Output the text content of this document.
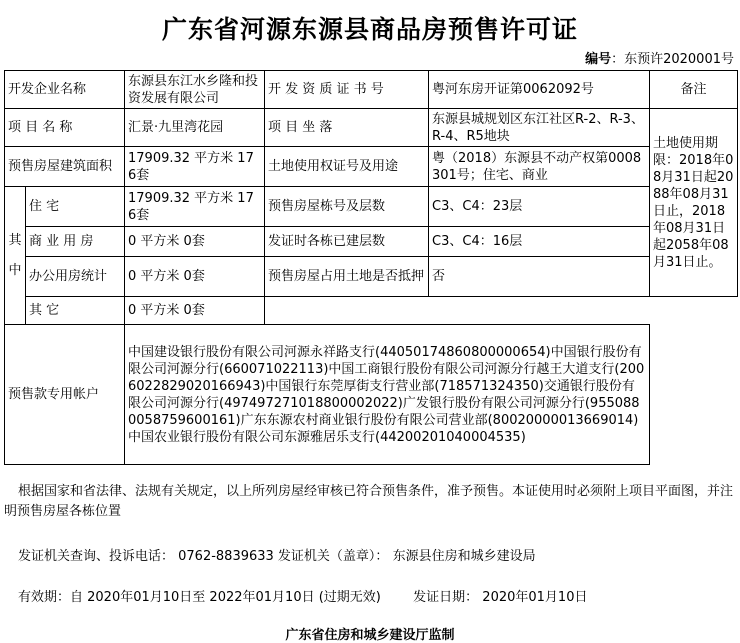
广东省河源东源县商品房预售许可证
编号：东预许2020001号
开发企业名称		东源县东江水乡隆和投资发展有限公司	开 发 资 质 证 书 号	粤河东房开证第0062092号	备注
项 目 名 称		汇景·九里湾花园	项 目 坐 落	东源县城规划区东江社区R-2、R-3、R-4、R5地块	土地使用期限：2018年08月31日起2088年08月31日止，2018年08月31日起2058年08月31日止。
预售房屋建筑面积		17909.32 平方米 176套	土地使用权证号及用途	粤（2018）东源县不动产权第0008301号；住宅、商业	

其
中	住 宅	17909.32 平方米 176套	预售房屋栋号及层数	C3、C4：23层	
	商 业 用 房	0 平方米 0套	发证时各栋已建层数	C3、C4：16层	
	办公用房统计	0 平方米 0套	预售房屋占用土地是否抵押	否	
	其 它	0 平方米 0套			
预售款专用帐户		中国建设银行股份有限公司河源永祥路支行(44050174860800000654)中国银行股份有限公司河源分行(660071022113)中国工商银行股份有限公司河源分行越王大道支行(2006022829020166943)中国银行东莞厚街支行营业部(718571324350)交通银行股份有限公司河源分行(497497271018800002022)广发银行股份有限公司河源分行(9550880058759600161)广东东源农村商业银行股份有限公司营业部(80020000013669014)中国农业银行股份有限公司东源雅居乐支行(44200201040004535)			
根据国家和省法律、法规有关规定，以上所列房屋经审核已符合预售条件，准予预售。本证使用时必须附上项目平面图，并注明预售房屋各栋位置
发证机关查询、投诉电话： 0762-8839633 发证机关（盖章）： 东源县住房和城乡建设局
有效期：自 2020年01月10日至 2022年01月10日 (过期无效) 发证日期： 2020年01月10日
广东省住房和城乡建设厅监制
